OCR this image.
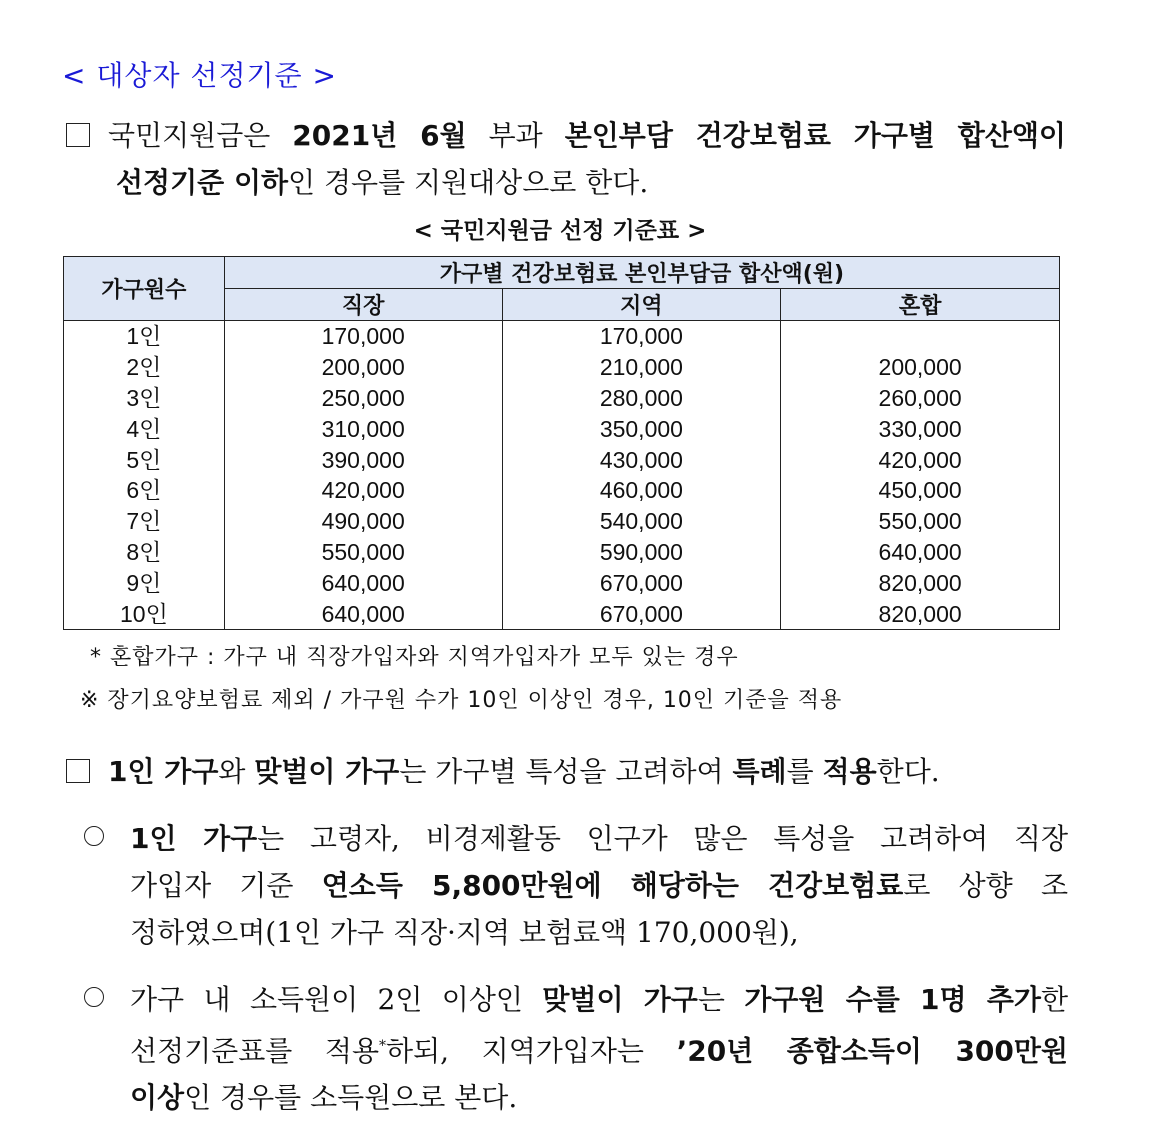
< 대상자 선정기준 >
국민지원금은 2021년 6월 부과 본인부담 건강보험료 가구별 합산액이
선정기준 이하인 경우를 지원대상으로 한다.
< 국민지원금 선정 기준표 >
가구원수	가구별 건강보험료 본인부담금 합산액(원)		
	직장	지역	혼합
1인	170,000	170,000	
2인	200,000	210,000	200,000
3인	250,000	280,000	260,000
4인	310,000	350,000	330,000
5인	390,000	430,000	420,000
6인	420,000	460,000	450,000
7인	490,000	540,000	550,000
8인	550,000	590,000	640,000
9인	640,000	670,000	820,000
10인	640,000	670,000	820,000
* 혼합가구 : 가구 내 직장가입자와 지역가입자가 모두 있는 경우
※ 장기요양보험료 제외 / 가구원 수가 10인 이상인 경우, 10인 기준을 적용
1인 가구와 맞벌이 가구는 가구별 특성을 고려하여 특례를 적용한다.
1인 가구는 고령자, 비경제활동 인구가 많은 특성을 고려하여 직장
가입자 기준 연소득 5,800만원에 해당하는 건강보험료로 상향 조
정하였으며(1인 가구 직장·지역 보험료액 170,000원),
가구 내 소득원이 2인 이상인 맞벌이 가구는 가구원 수를 1명 추가한
선정기준표를 적용*하되, 지역가입자는 ’20년 종합소득이 300만원
이상인 경우를 소득원으로 본다.
